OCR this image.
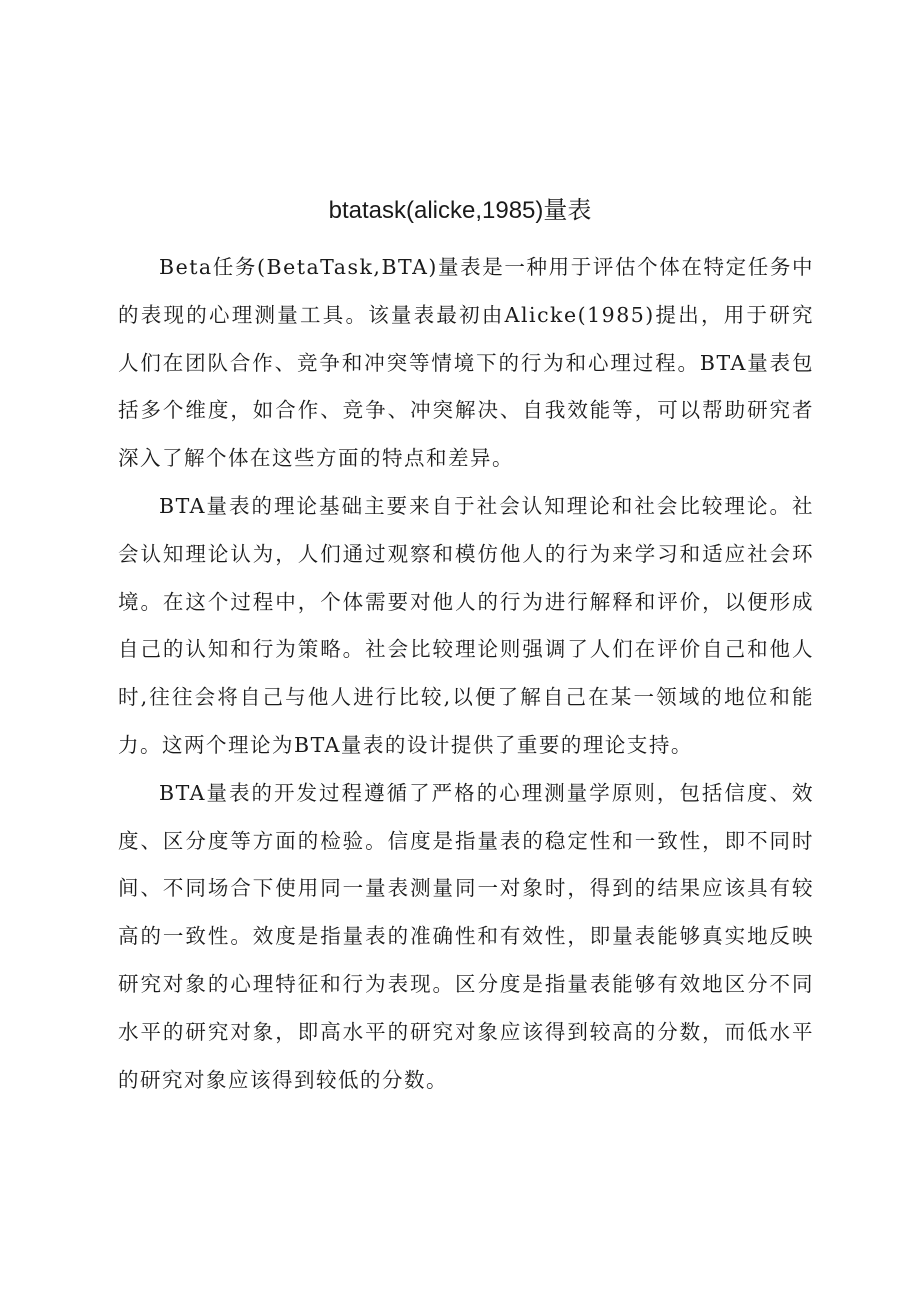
btatask(alicke,1985)量表

Beta任务(BetaTask,BTA)量表是一种用于评估个体在特定任务中的表现的心理测量工具。该量表最初由Alicke(1985)提出，用于研究人们在团队合作、竞争和冲突等情境下的行为和心理过程。BTA量表包括多个维度，如合作、竞争、冲突解决、自我效能等，可以帮助研究者深入了解个体在这些方面的特点和差异。

BTA量表的理论基础主要来自于社会认知理论和社会比较理论。社会认知理论认为，人们通过观察和模仿他人的行为来学习和适应社会环境。在这个过程中，个体需要对他人的行为进行解释和评价，以便形成自己的认知和行为策略。社会比较理论则强调了人们在评价自己和他人时,往往会将自己与他人进行比较,以便了解自己在某一领域的地位和能力。这两个理论为BTA量表的设计提供了重要的理论支持。

BTA量表的开发过程遵循了严格的心理测量学原则，包括信度、效度、区分度等方面的检验。信度是指量表的稳定性和一致性，即不同时间、不同场合下使用同一量表测量同一对象时，得到的结果应该具有较高的一致性。效度是指量表的准确性和有效性，即量表能够真实地反映研究对象的心理特征和行为表现。区分度是指量表能够有效地区分不同水平的研究对象，即高水平的研究对象应该得到较高的分数，而低水平的研究对象应该得到较低的分数。
